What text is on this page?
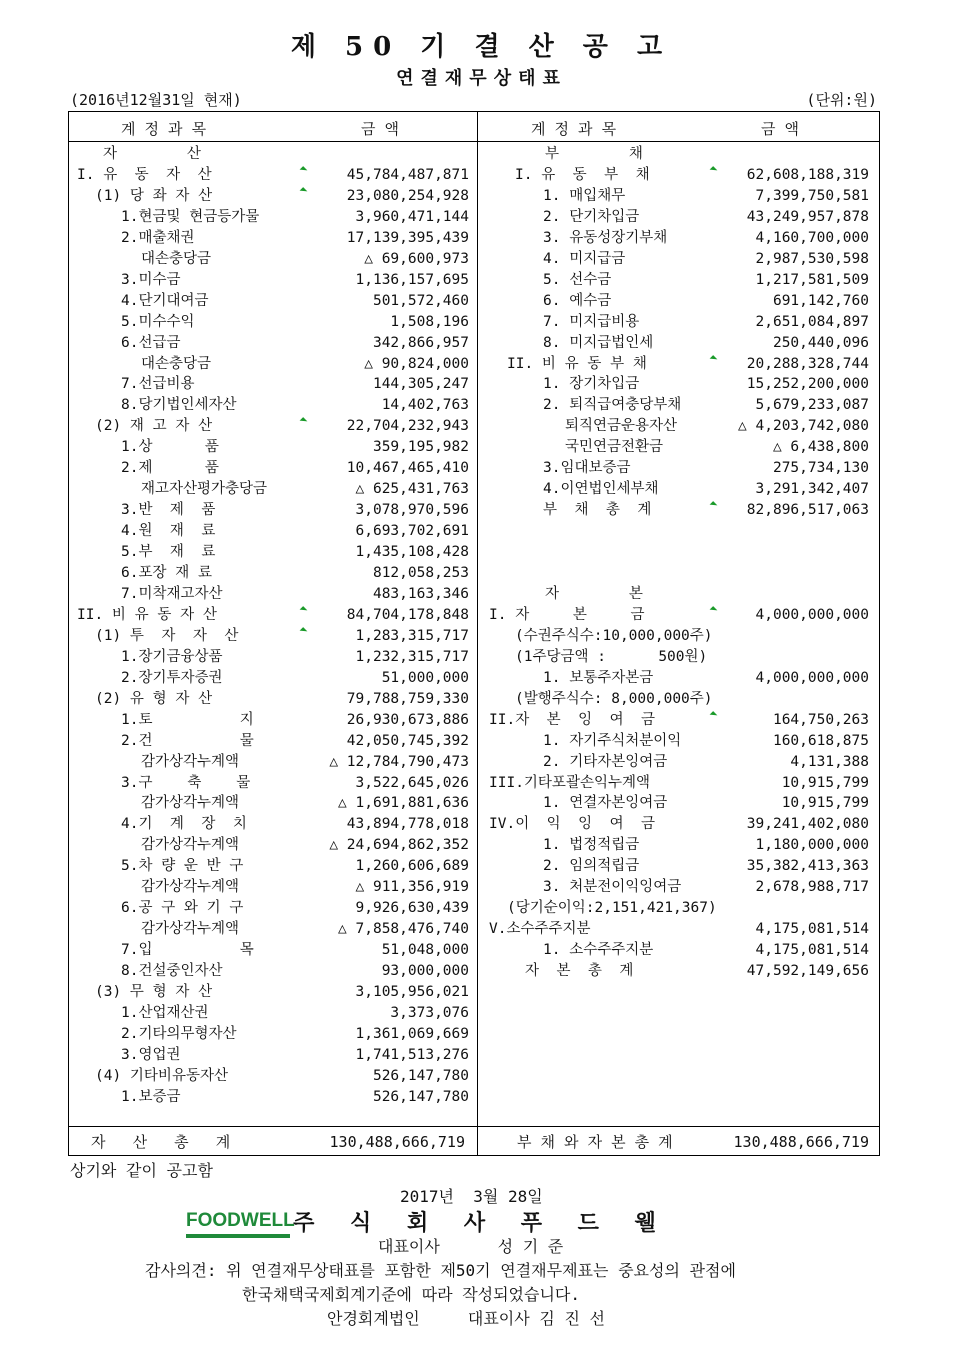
제 50 기 결 산 공 고
연결재무상태표
(2016년12월31일 현재)	(단위:원)
계 정 과 목	금 액	계 정 과 목	금 액
자        산
I. 유  동  자  산	45,784,487,871
(1) 당 좌 자 산	23,080,254,928
1.현금및 현금등가물	3,960,471,144
2.매출채권	17,139,395,439
대손충당금	△ 69,600,973
3.미수금	1,136,157,695
4.단기대여금	501,572,460
5.미수수익	1,508,196
6.선급금	342,866,957
대손충당금	△ 90,824,000
7.선급비용	144,305,247
8.당기법인세자산	14,402,763
(2) 재 고 자 산	22,704,232,943
1.상      품	359,195,982
2.제      품	10,467,465,410
재고자산평가충당금	△ 625,431,763
3.반  제  품	3,078,970,596
4.원  재  료	6,693,702,691
5.부  재  료	1,435,108,428
6.포장 재 료	812,058,253
7.미착재고자산	483,163,346
II. 비 유 동 자 산	84,704,178,848
(1) 투  자  자  산	1,283,315,717
1.장기금융상품	1,232,315,717
2.장기투자증권	51,000,000
(2) 유 형 자 산	79,788,759,330
1.토          지	26,930,673,886
2.건          물	42,050,745,392
감가상각누계액	△ 12,784,790,473
3.구    축    물	3,522,645,026
감가상각누계액	△ 1,691,881,636
4.기  계  장  치	43,894,778,018
감가상각누계액	△ 24,694,862,352
5.차 량 운 반 구	1,260,606,689
감가상각누계액	△ 911,356,919
6.공 구 와 기 구	9,926,630,439
감가상각누계액	△ 7,858,476,740
7.입          목	51,048,000
8.건설중인자산	93,000,000
(3) 무 형 자 산	3,105,956,021
1.산업재산권	3,373,076
2.기타의무형자산	1,361,069,669
3.영업권	1,741,513,276
(4) 기타비유동자산	526,147,780
1.보증금	526,147,780
부        채
I. 유  동  부  채	62,608,188,319
1. 매입채무	7,399,750,581
2. 단기차입금	43,249,957,878
3. 유동성장기부채	4,160,700,000
4. 미지급금	2,987,530,598
5. 선수금	1,217,581,509
6. 예수금	691,142,760
7. 미지급비용	2,651,084,897
8. 미지급법인세	250,440,096
II. 비 유 동 부 채	20,288,328,744
1. 장기차입금	15,252,200,000
2. 퇴직급여충당부채	5,679,233,087
퇴직연금운용자산	△ 4,203,742,080
국민연금전환금	△ 6,438,800
3.임대보증금	275,734,130
4.이연법인세부채	3,291,342,407
부  채  총  계	82,896,517,063
자        본
I. 자     본     금	4,000,000,000
(수권주식수:10,000,000주)
(1주당금액 :      500원)
1. 보통주자본금	4,000,000,000
(발행주식수: 8,000,000주)
II.자  본  잉  여  금	164,750,263
1. 자기주식처분이익	160,618,875
2. 기타자본잉여금	4,131,388
III.기타포괄손익누계액	10,915,799
1. 연결자본잉여금	10,915,799
IV.이  익  잉  여  금	39,241,402,080
1. 법정적립금	1,180,000,000
2. 임의적립금	35,382,413,363
3. 처분전이익잉여금	2,678,988,717
(당기순이익:2,151,421,367)
V.소수주주지분	4,175,081,514
1. 소수주주지분	4,175,081,514
자  본  총  계	47,592,149,656
자   산   총   계	130,488,666,719	부 채 와 자 본 총 계	130,488,666,719
상기와 같이 공고함
2017년  3월 28일
FOODWELL
주 식 회 사 푸 드 웰
대표이사      성 기 준
감사의견: 위 연결재무상태표를 포함한 제50기 연결재무제표는 중요성의 관점에
한국채택국제회계기준에 따라 작성되었습니다.
안경회계법인     대표이사 김 진 선
